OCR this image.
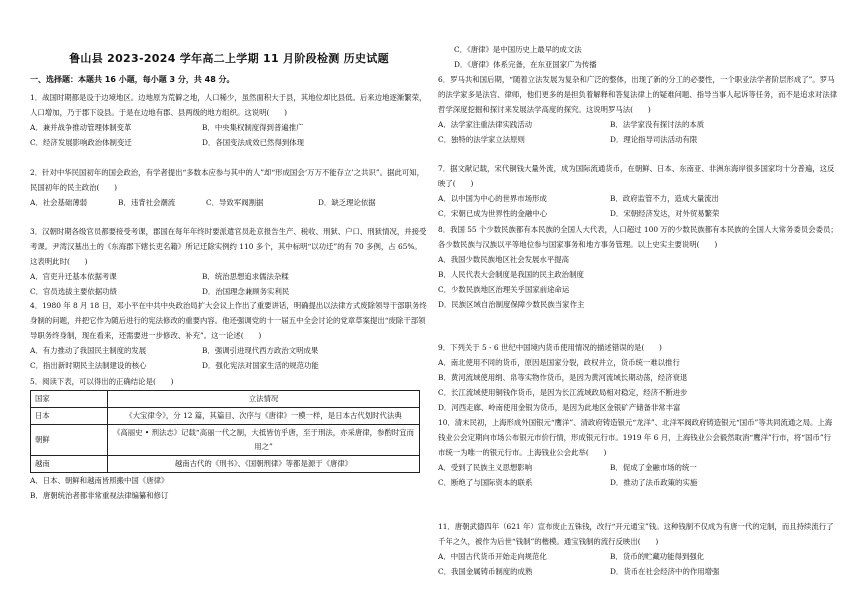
鲁山县 2023-2024 学年高二上学期 11 月阶段检测 历史试题
一、选择题：本题共 16 小题，每小题 3 分，共 48 分。
1．战国时期都是设于边境地区。边地原为荒僻之地，人口稀少，虽然面积大于县，其地位却比县低。后来边地逐渐繁荣，人口增加，乃于郡下设县。于是在边地有郡、县两级的地方组织。这说明(　　)
A．兼并战争推动管理体制变革	B．中央集权制度得到普遍推广
C．经济发展影响政治体制变迁	D．各国变法成效已然得到体现
2．针对中华民国初年的国会政治，有学者提出“多数本应参与其中的人”却“形成国会‘万万不能存立’之共识”。据此可知，民国初年的民主政治(　　)
A．社会基础薄弱	B．违背社会潮流	C．导致军阀割据	D．缺乏理论依据
3．汉朝时期各级官员都要接受考课，郡国在每年年终时要派遣官员赴京报告生产、税收、刑狱、户口、刑狱情况，并接受考课。尹湾汉墓出土的《东海郡下辖长吏名籍》所记迁除实例约 110 多个，其中标明“以功迁”的有 70 多例，占 65%。这表明此时(　　)
A．官吏升迁基本依据考课	B．统治思想追求儒法杂糅
C．官员选拔主要依据功绩	D．治国理念兼顾务实利民
4．1980 年 8 月 18 日，邓小平在中共中央政治局扩大会议上作出了重要讲话，明确提出以法律方式废除领导干部职务终身制的问题，并把它作为随后进行的宪法修改的重要内容。他还强调党的十一届五中全会讨论的党章草案提出“废除干部领导职务终身制，现在看来，还需要进一步修改、补充”。这一论述(　　)
A．有力推动了我国民主制度的发展	B．强调引进现代西方政治文明成果
C．指出新时期民主法制建设的核心	D．强化宪法对国家生活的规范功能
5．阅读下表，可以得出的正确结论是(　　)
国家	立法情况
日本	《大宝律令》，分 12 篇，其篇目、次序与《唐律》一模一样，是日本古代划时代法典
朝鲜	《高丽史 • 刑法志》记载“高丽一代之制，大抵皆仿乎唐，至于刑法，亦采唐律，参酌时宜而用之”
越南	越南古代的《刑书》、《国朝刑律》等都是源于《唐律》
A．日本、朝鲜和越南皆照搬中国《唐律》
B．唐朝统治者都非常重视法律编纂和修订
C．《唐律》是中国历史上最早的成文法
D．《唐律》体系完备，在东亚国家广为传播
6．罗马共和国后期，“随着立法发展为复杂和广泛的整体，出现了新的分工的必要性，一个职业法学者阶层形成了”。罗马的法学家多是法官、律师，他们更多的是担负着解释和答复法律上的疑难问题、指导当事人起诉等任务，而不是追求对法律哲学深度挖掘和探讨来发展法学高度的探究。这说明罗马法(　　)
A．法学家注重法律实践活动	B．法学家没有探讨法的本质
C．独特的法学家立法原则	D．理论指导司法活动有限
7．据文献记载，宋代铜钱大量外流，成为国际流通货币，在朝鲜、日本、东南亚、非洲东海岸很多国家均十分普遍，这反映了(　　)
A．以中国为中心的世界市场形成	B．政府监管不力，造成大量流出
C．宋朝已成为世界性的金融中心	D．宋朝经济发达，对外贸易繁荣
8．我国 55 个少数民族都有本民族的全国人大代表，人口超过 100 万的少数民族都有本民族的全国人大常务委员会委员；各少数民族与汉族以平等地位参与国家事务和地方事务管理。以上史实主要说明(　　)
A．我国少数民族地区社会发展水平提高
B．人民代表大会制度是我国的民主政治制度
C．少数民族地区治理关乎国家前途命运
D．民族区域自治制度保障少数民族当家作主
9．下列关于 5 - 6 世纪中国境内货币使用情况的描述错误的是(　　)
A．南北使用不同的货币，原因是国家分裂，政权并立，货币统一难以推行
B．黄河流域使用绢、帛等实物作货币，是因为黄河流域长期动荡，经济衰退
C．长江流域使用铜钱作货币，是因为长江流域政局相对稳定，经济不断进步
D．河西走廊、岭南使用金银为货币，是因为此地区金银矿产储备非常丰富
10．清末民初，上海形成外国银元“鹰洋”、清政府铸造银元“龙洋”、北洋军阀政府铸造银元“国币”等共同流通之局。上海钱业公会定期向市场公布银元市价行情，形成银元行市。1919 年 6 月，上海钱业公会毅然取消“鹰洋”行市，将“国币”行市统一为唯一的银元行市。上海钱业公会此举(　　)
A．受到了民族主义思想影响	B．促成了金融市场的统一
C．断绝了与国际资本的联系	D．推动了法币政策的实施
11．唐朝武德四年（621 年）宣布废止五铢钱，改行“开元通宝”钱。这种钱制不仅成为有唐一代的定制，而且持续流行了千年之久，被作为后世“钱制”的楷模。通宝钱制的流行反映出(　　)
A．中国古代货币开始走向规范化	B．货币的贮藏功能得到强化
C．我国金属铸币制度的成熟	D．货币在社会经济中的作用增强
